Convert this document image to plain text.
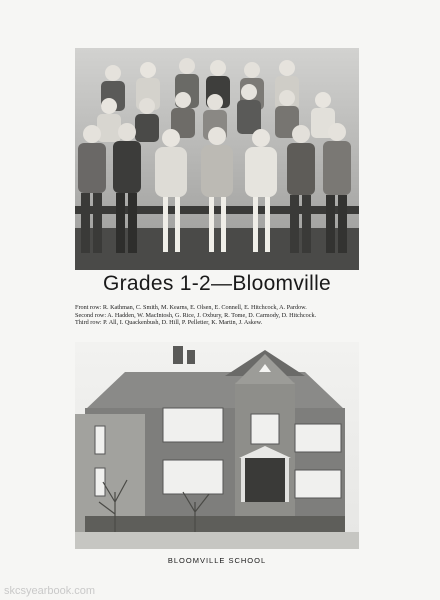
Grades 1-2—Bloomville
Front row: R. Kathman, C. Smith, M. Kearns, E. Olsen, E. Connell, E. Hitchcock, A. Pardow.
Second row: A. Hadden, W. MacIntosh, G. Rice, J. Oxbury, R. Tome, D. Carmody, D. Hitchcock.
Third row: P. All, I. Quackenbush, D. Hill, P. Pelletier, K. Martin, J. Askew.
BLOOMVILLE SCHOOL
skcsyearbook.com
